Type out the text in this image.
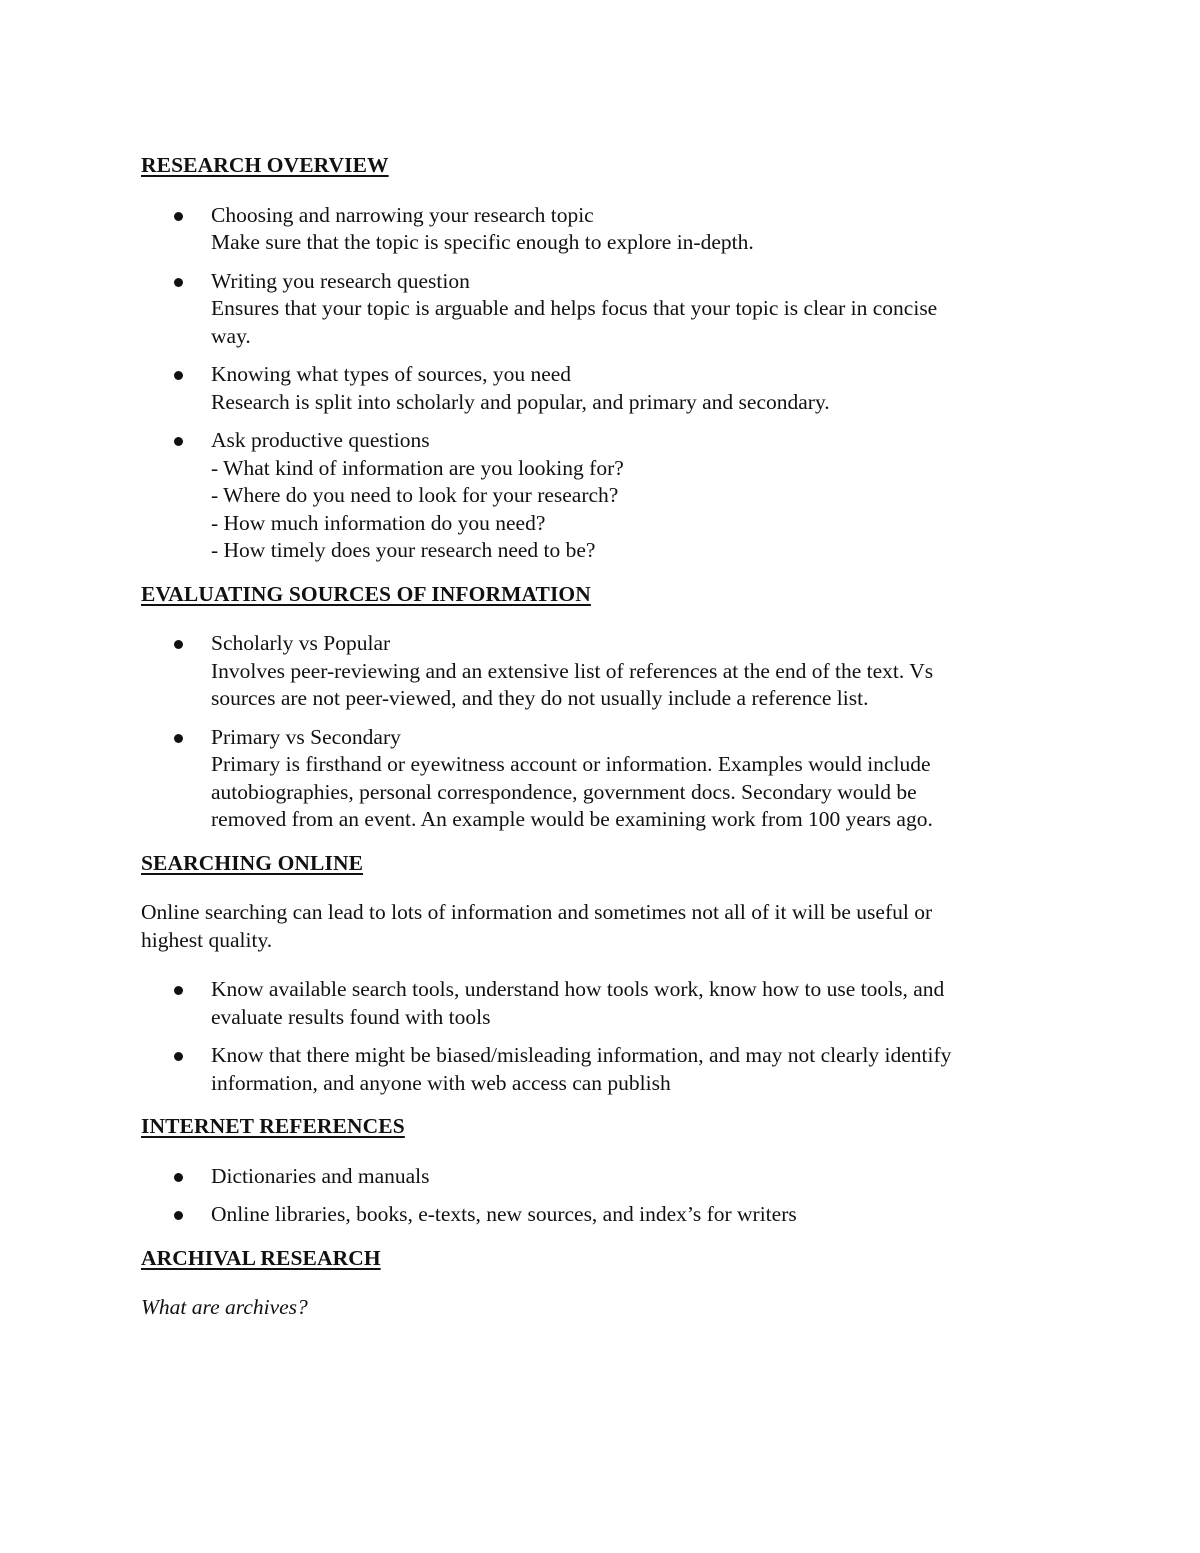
RESEARCH OVERVIEW
Choosing and narrowing your research topic
Make sure that the topic is specific enough to explore in-depth.
Writing you research question
Ensures that your topic is arguable and helps focus that your topic is clear in concise
way.
Knowing what types of sources, you need
Research is split into scholarly and popular, and primary and secondary.
Ask productive questions
- What kind of information are you looking for?
- Where do you need to look for your research?
- How much information do you need?
- How timely does your research need to be?
EVALUATING SOURCES OF INFORMATION
Scholarly vs Popular
Involves peer-reviewing and an extensive list of references at the end of the text. Vs
sources are not peer-viewed, and they do not usually include a reference list.
Primary vs Secondary
Primary is firsthand or eyewitness account or information. Examples would include
autobiographies, personal correspondence, government docs. Secondary would be
removed from an event. An example would be examining work from 100 years ago.
SEARCHING ONLINE
Online searching can lead to lots of information and sometimes not all of it will be useful or
highest quality.
Know available search tools, understand how tools work, know how to use tools, and
evaluate results found with tools
Know that there might be biased/misleading information, and may not clearly identify
information, and anyone with web access can publish
INTERNET REFERENCES
Dictionaries and manuals
Online libraries, books, e-texts, new sources, and index’s for writers
ARCHIVAL RESEARCH
What are archives?
